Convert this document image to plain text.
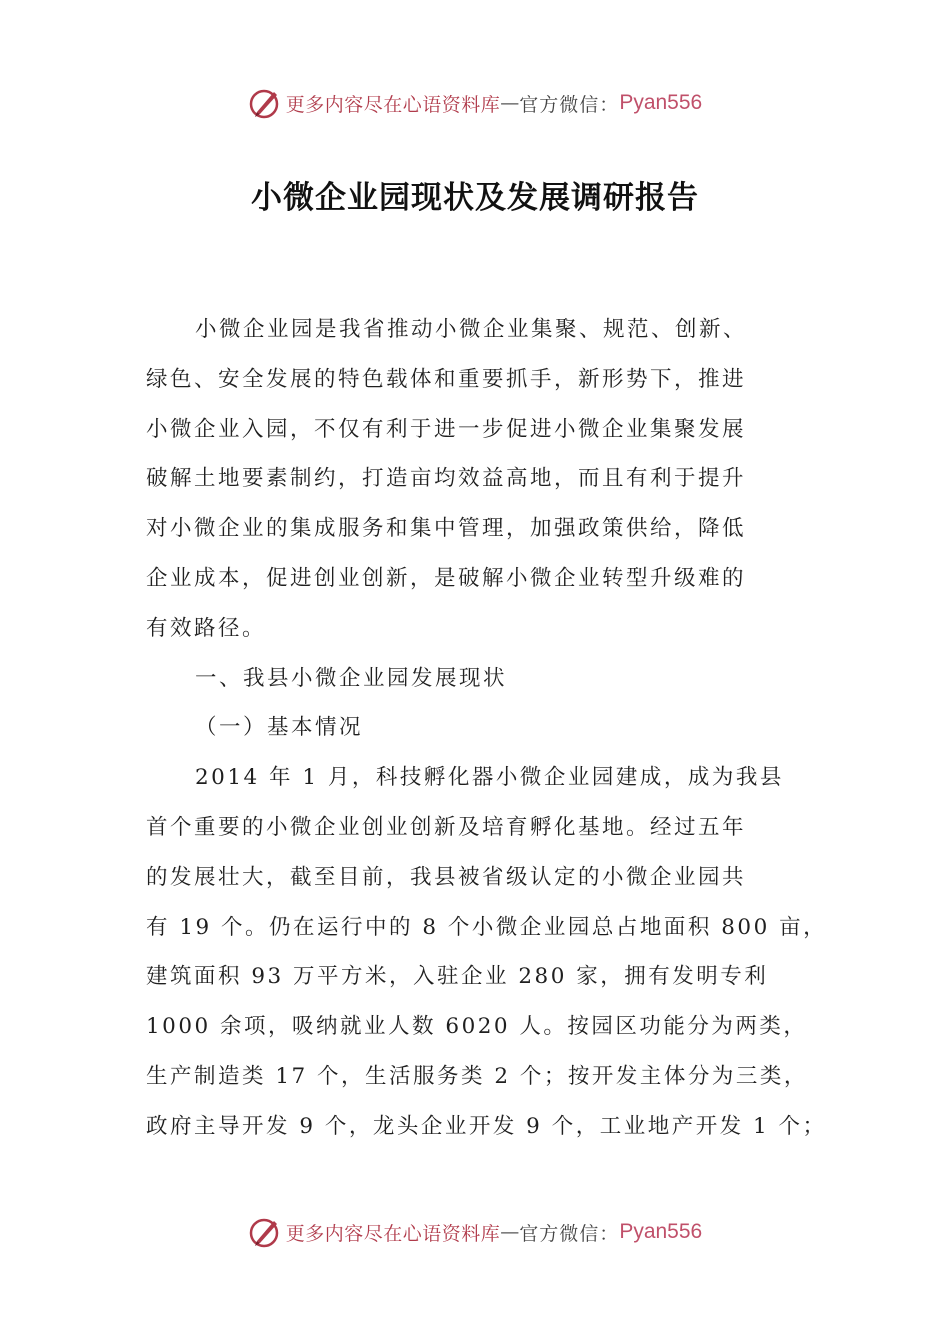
更多内容尽在心语资料库 — 官方微信： Pyan556
小微企业园现状及发展调研报告
小微企业园是我省推动小微企业集聚、规范、创新、
绿色、安全发展的特色载体和重要抓手，新形势下，推进
小微企业入园，不仅有利于进一步促进小微企业集聚发展
破解土地要素制约，打造亩均效益高地，而且有利于提升
对小微企业的集成服务和集中管理，加强政策供给，降低
企业成本，促进创业创新，是破解小微企业转型升级难的
有效路径。
一、我县小微企业园发展现状
（一）基本情况
2014 年 1 月，科技孵化器小微企业园建成，成为我县
首个重要的小微企业创业创新及培育孵化基地。经过五年
的发展壮大，截至目前，我县被省级认定的小微企业园共
有 19 个。仍在运行中的 8 个小微企业园总占地面积 800 亩，
建筑面积 93 万平方米，入驻企业 280 家，拥有发明专利
1000 余项，吸纳就业人数 6020 人。按园区功能分为两类，
生产制造类 17 个，生活服务类 2 个；按开发主体分为三类，
政府主导开发 9 个，龙头企业开发 9 个，工业地产开发 1 个；
更多内容尽在心语资料库 — 官方微信： Pyan556
